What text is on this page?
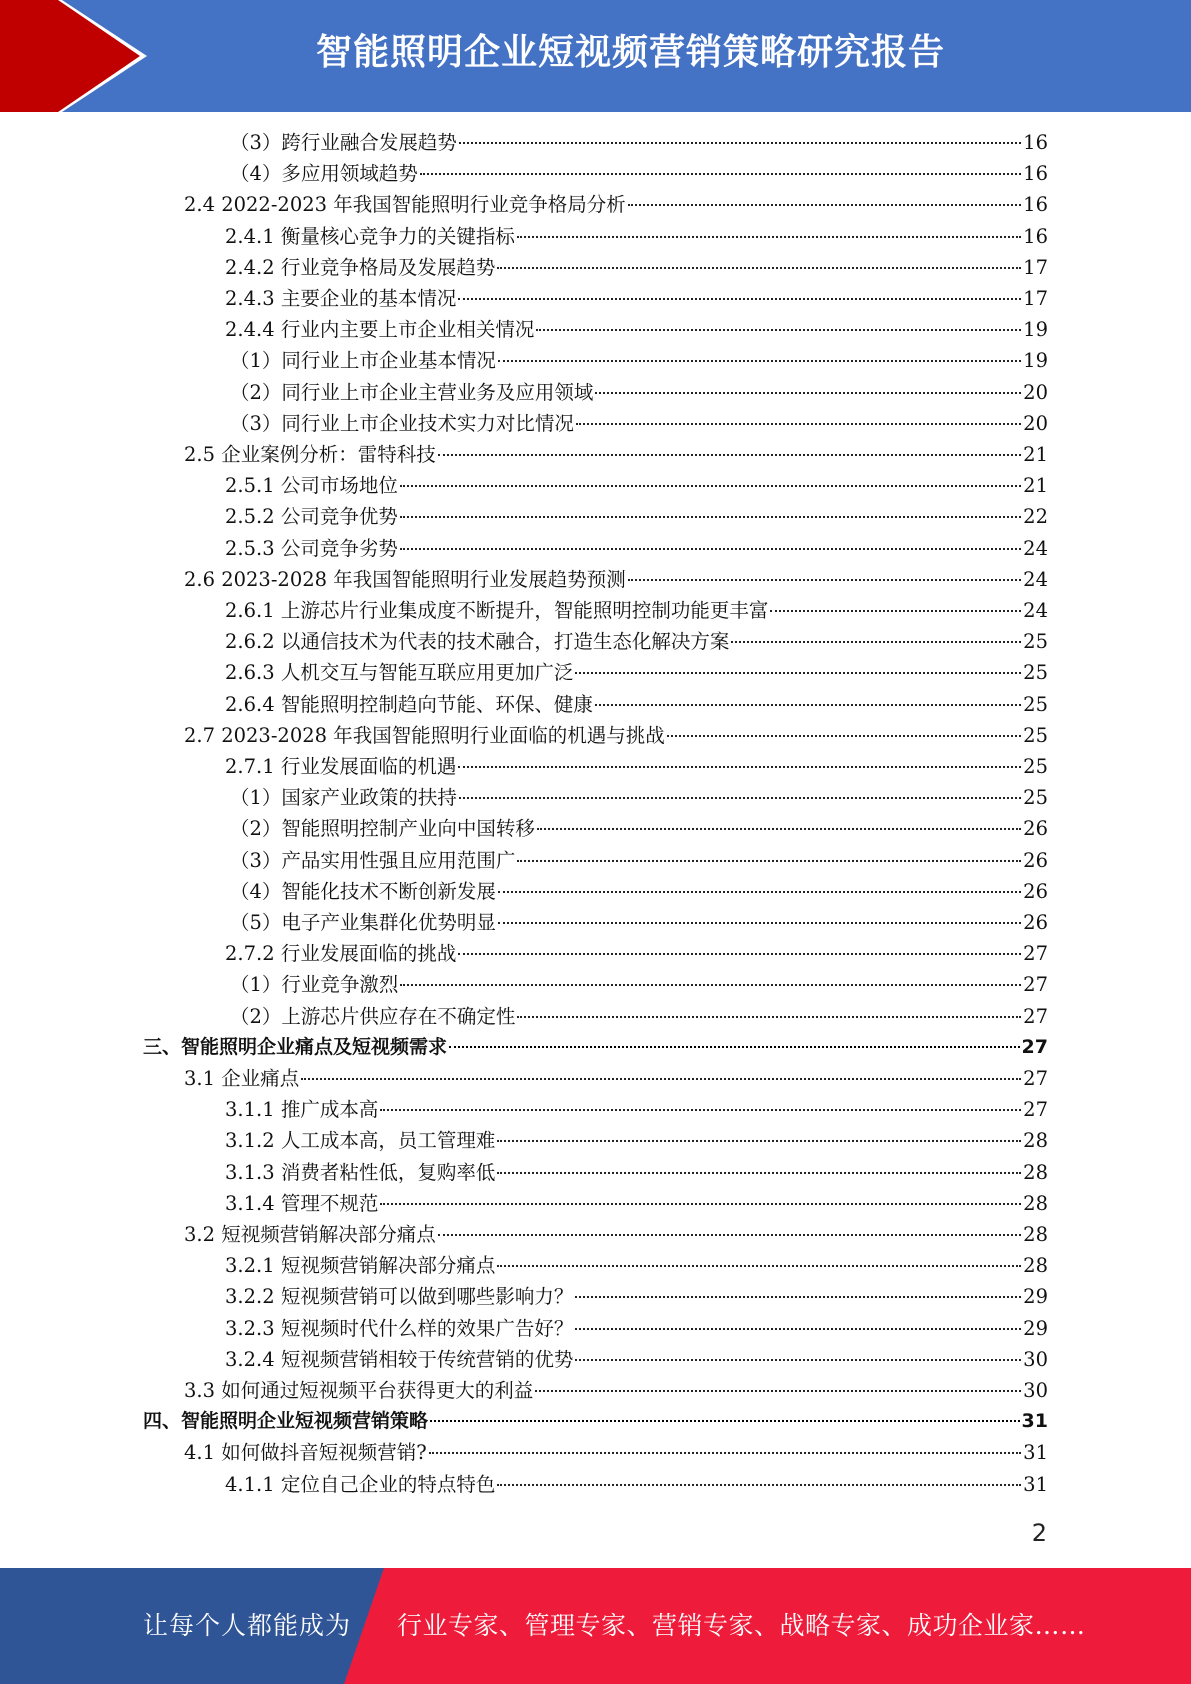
智能照明企业短视频营销策略研究报告
（3）跨行业融合发展趋势	16
（4）多应用领域趋势	16
2.4 2022-2023 年我国智能照明行业竞争格局分析	16
2.4.1 衡量核心竞争力的关键指标	16
2.4.2 行业竞争格局及发展趋势	17
2.4.3 主要企业的基本情况	17
2.4.4 行业内主要上市企业相关情况	19
（1）同行业上市企业基本情况	19
（2）同行业上市企业主营业务及应用领域	20
（3）同行业上市企业技术实力对比情况	20
2.5 企业案例分析：雷特科技	21
2.5.1 公司市场地位	21
2.5.2 公司竞争优势	22
2.5.3 公司竞争劣势	24
2.6 2023-2028 年我国智能照明行业发展趋势预测	24
2.6.1 上游芯片行业集成度不断提升，智能照明控制功能更丰富	24
2.6.2 以通信技术为代表的技术融合，打造生态化解决方案	25
2.6.3 人机交互与智能互联应用更加广泛	25
2.6.4 智能照明控制趋向节能、环保、健康	25
2.7 2023-2028 年我国智能照明行业面临的机遇与挑战	25
2.7.1 行业发展面临的机遇	25
（1）国家产业政策的扶持	25
（2）智能照明控制产业向中国转移	26
（3）产品实用性强且应用范围广	26
（4）智能化技术不断创新发展	26
（5）电子产业集群化优势明显	26
2.7.2 行业发展面临的挑战	27
（1）行业竞争激烈	27
（2）上游芯片供应存在不确定性	27
三、智能照明企业痛点及短视频需求	27
3.1 企业痛点	27
3.1.1 推广成本高	27
3.1.2 人工成本高，员工管理难	28
3.1.3 消费者粘性低，复购率低	28
3.1.4 管理不规范	28
3.2 短视频营销解决部分痛点	28
3.2.1 短视频营销解决部分痛点	28
3.2.2 短视频营销可以做到哪些影响力？	29
3.2.3 短视频时代什么样的效果广告好？	29
3.2.4 短视频营销相较于传统营销的优势	30
3.3 如何通过短视频平台获得更大的利益	30
四、智能照明企业短视频营销策略	31
4.1 如何做抖音短视频营销?	31
4.1.1 定位自己企业的特点特色	31
2
让每个人都能成为 行业专家、管理专家、营销专家、战略专家、成功企业家……
